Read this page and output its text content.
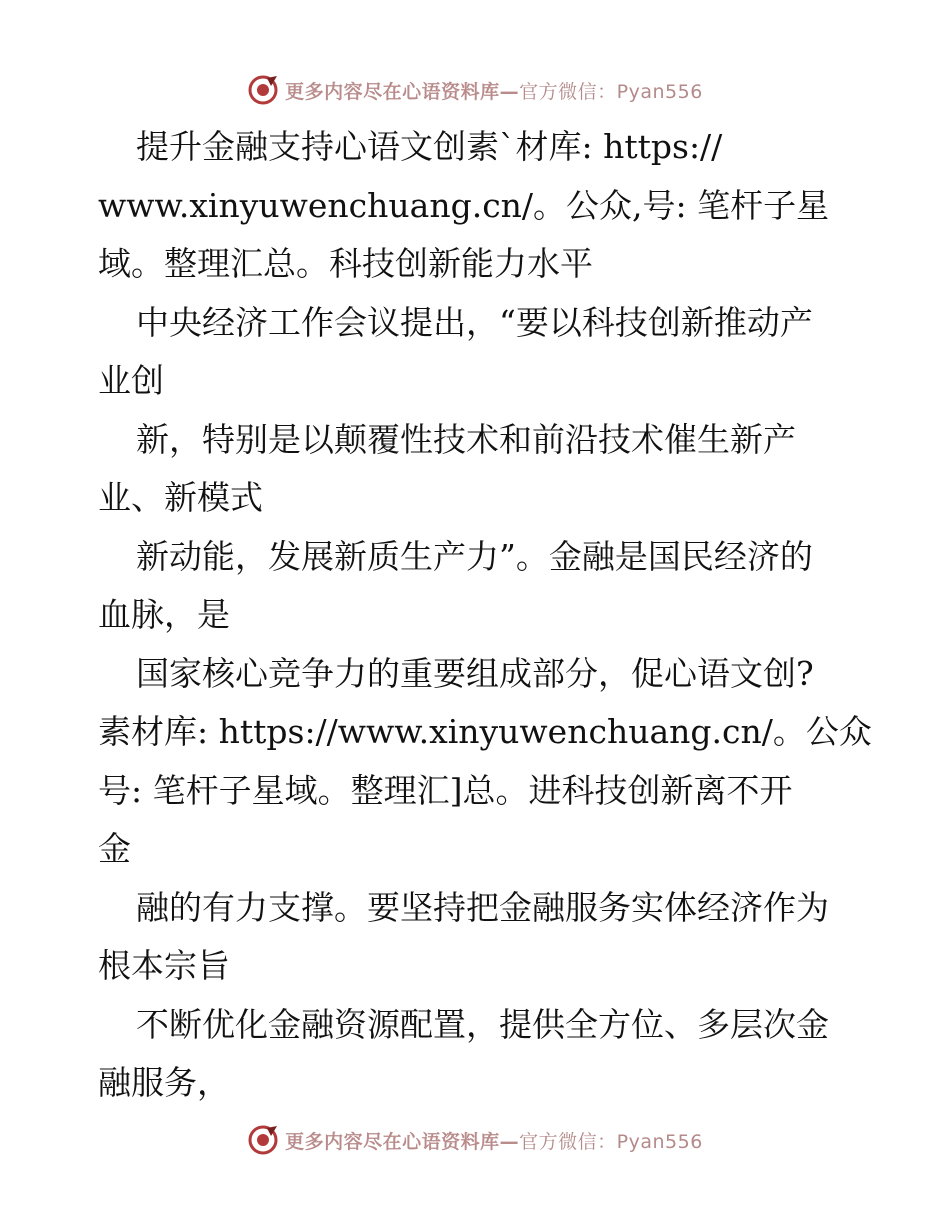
更多内容尽在心语资料库—官方微信：Pyan556
提升金融支持心语文创素`材库: https://
www.xinyuwenchuang.cn/。公众,号: 笔杆子星
域。整理汇总。科技创新能力水平
中央经济工作会议提出，“要以科技创新推动产
业创
新，特别是以颠覆性技术和前沿技术催生新产
业、新模式
新动能，发展新质生产力”。金融是国民经济的
血脉，是
国家核心竞争力的重要组成部分，促心语文创?
素材库: https://www.xinyuwenchuang.cn/。公众
号: 笔杆子星域。整理汇]总。进科技创新离不开
金
融的有力支撑。要坚持把金融服务实体经济作为
根本宗旨
不断优化金融资源配置，提供全方位、多层次金
融服务，
更多内容尽在心语资料库—官方微信：Pyan556
